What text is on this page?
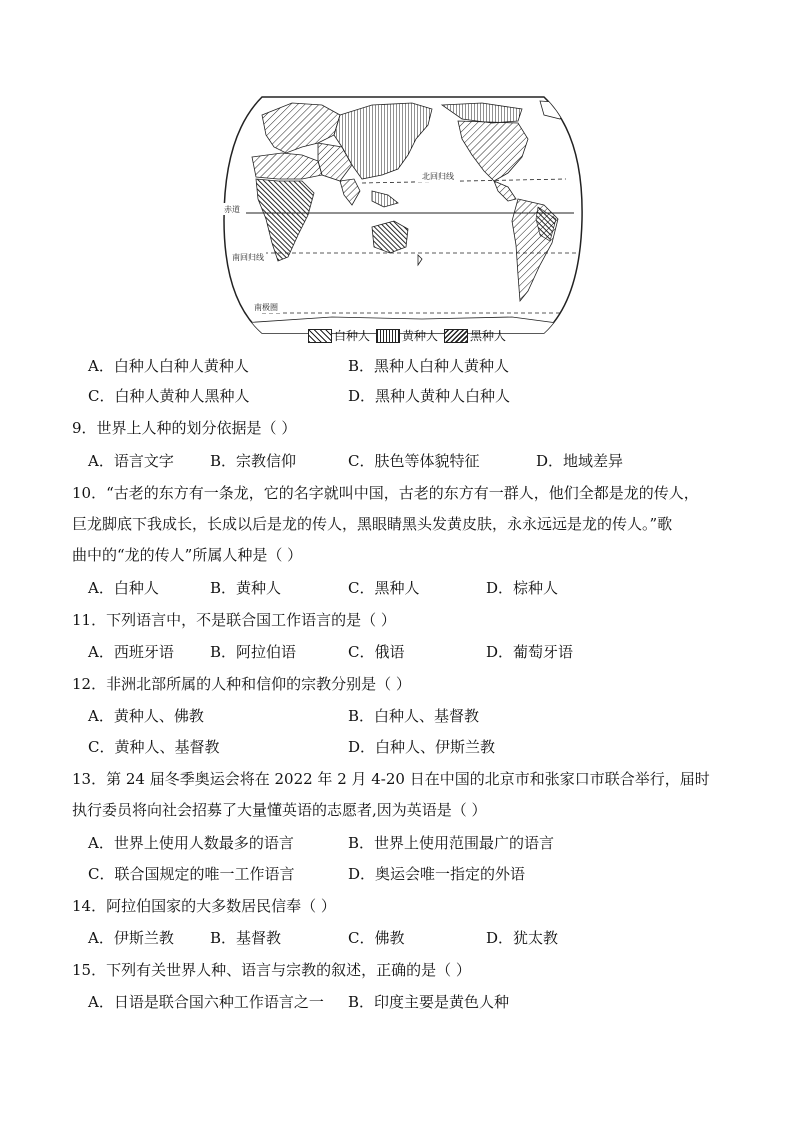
北回归线
赤道
南回归线
南极圈
白种人	黄种人	黑种人
A．白种人白种人黄种人	B．黑种人白种人黄种人
C．白种人黄种人黑种人	D．黑种人黄种人白种人
9．世界上人种的划分依据是（ ）
A．语言文字 B．宗教信仰	C．肤色等体貌特征	D．地域差异
10．“古老的东方有一条龙，它的名字就叫中国，古老的东方有一群人，他们全都是龙的传人，
巨龙脚底下我成长，长成以后是龙的传人，黑眼睛黑头发黄皮肤，永永远远是龙的传人。”歌
曲中的“龙的传人”所属人种是（ ）
A．白种人	B．黄种人	C．黑种人	D．棕种人
11．下列语言中，不是联合国工作语言的是（ ）
A．西班牙语 B．阿拉伯语	C．俄语	D．葡萄牙语
12．非洲北部所属的人种和信仰的宗教分别是（ ）
A．黄种人、佛教	B．白种人、基督教
C．黄种人、基督教	D．白种人、伊斯兰教
13．第 24 届冬季奥运会将在 2022 年 2 月 4-20 日在中国的北京市和张家口市联合举行，届时
执行委员将向社会招募了大量懂英语的志愿者,因为英语是（ ）
A．世界上使用人数最多的语言	B．世界上使用范围最广的语言
C．联合国规定的唯一工作语言	D．奥运会唯一指定的外语
14．阿拉伯国家的大多数居民信奉（ ）
A．伊斯兰教 B．基督教	C．佛教	D．犹太教
15．下列有关世界人种、语言与宗教的叙述，正确的是（ ）
A．日语是联合国六种工作语言之一 B．印度主要是黄色人种
